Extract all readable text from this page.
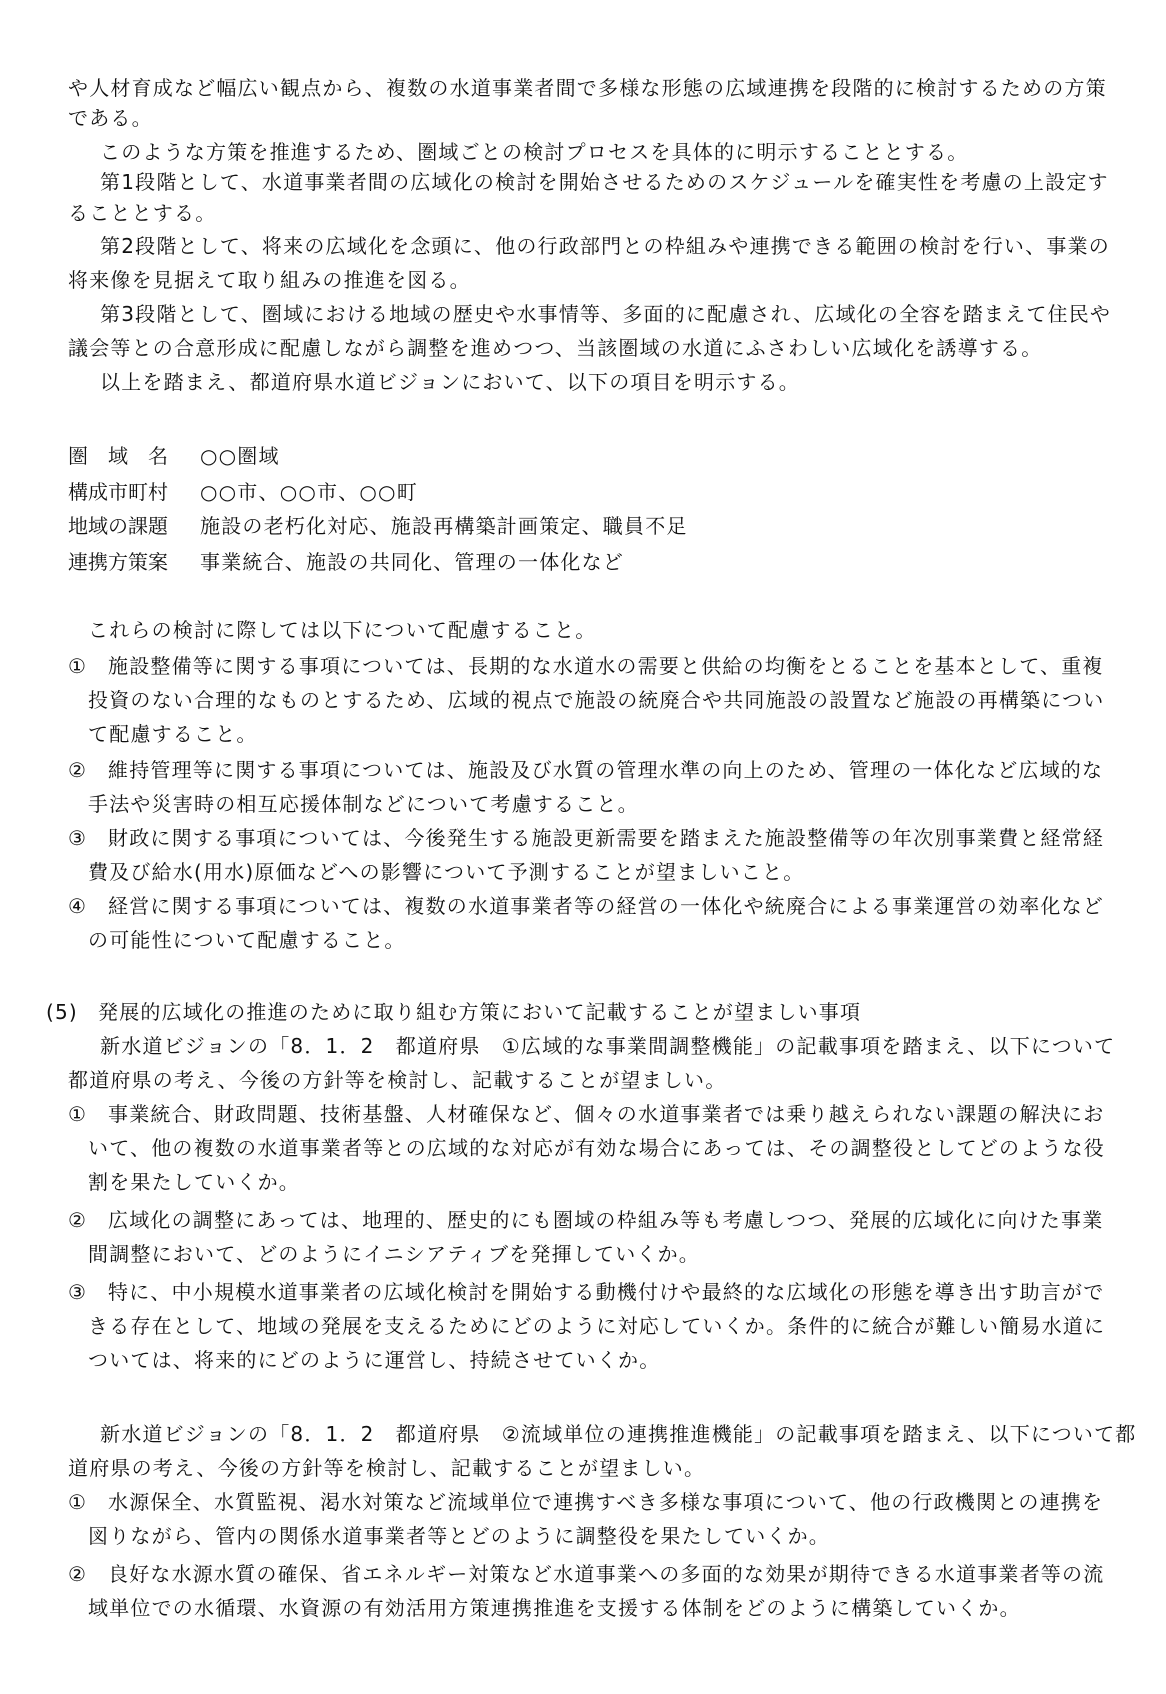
や人材育成など幅広い観点から、複数の水道事業者間で多様な形態の広域連携を段階的に検討するための方策
である。
このような方策を推進するため、圏域ごとの検討プロセスを具体的に明示することとする。
第1段階として、水道事業者間の広域化の検討を開始させるためのスケジュールを確実性を考慮の上設定す
ることとする。
第2段階として、将来の広域化を念頭に、他の行政部門との枠組みや連携できる範囲の検討を行い、事業の
将来像を見据えて取り組みの推進を図る。
第3段階として、圏域における地域の歴史や水事情等、多面的に配慮され、広域化の全容を踏まえて住民や
議会等との合意形成に配慮しながら調整を進めつつ、当該圏域の水道にふさわしい広域化を誘導する。
以上を踏まえ、都道府県水道ビジョンにおいて、以下の項目を明示する。
圏　域　名 ○○圏域
構成市町村 ○○市、○○市、○○町
地域の課題 施設の老朽化対応、施設再構築計画策定、職員不足
連携方策案 事業統合、施設の共同化、管理の一体化など
これらの検討に際しては以下について配慮すること。
① 施設整備等に関する事項については、長期的な水道水の需要と供給の均衡をとることを基本として、重複
投資のない合理的なものとするため、広域的視点で施設の統廃合や共同施設の設置など施設の再構築につい
て配慮すること。
② 維持管理等に関する事項については、施設及び水質の管理水準の向上のため、管理の一体化など広域的な
手法や災害時の相互応援体制などについて考慮すること。
③ 財政に関する事項については、今後発生する施設更新需要を踏まえた施設整備等の年次別事業費と経常経
費及び給水(用水)原価などへの影響について予測することが望ましいこと。
④ 経営に関する事項については、複数の水道事業者等の経営の一体化や統廃合による事業運営の効率化など
の可能性について配慮すること。
(5) 発展的広域化の推進のために取り組む方策において記載することが望ましい事項
新水道ビジョンの「8．1．2　都道府県　①広域的な事業間調整機能」の記載事項を踏まえ、以下について
都道府県の考え、今後の方針等を検討し、記載することが望ましい。
① 事業統合、財政問題、技術基盤、人材確保など、個々の水道事業者では乗り越えられない課題の解決にお
いて、他の複数の水道事業者等との広域的な対応が有効な場合にあっては、その調整役としてどのような役
割を果たしていくか。
② 広域化の調整にあっては、地理的、歴史的にも圏域の枠組み等も考慮しつつ、発展的広域化に向けた事業
間調整において、どのようにイニシアティブを発揮していくか。
③ 特に、中小規模水道事業者の広域化検討を開始する動機付けや最終的な広域化の形態を導き出す助言がで
きる存在として、地域の発展を支えるためにどのように対応していくか。条件的に統合が難しい簡易水道に
ついては、将来的にどのように運営し、持続させていくか。
新水道ビジョンの「8．1．2　都道府県　②流域単位の連携推進機能」の記載事項を踏まえ、以下について都
道府県の考え、今後の方針等を検討し、記載することが望ましい。
① 水源保全、水質監視、渇水対策など流域単位で連携すべき多様な事項について、他の行政機関との連携を
図りながら、管内の関係水道事業者等とどのように調整役を果たしていくか。
② 良好な水源水質の確保、省エネルギー対策など水道事業への多面的な効果が期待できる水道事業者等の流
域単位での水循環、水資源の有効活用方策連携推進を支援する体制をどのように構築していくか。
